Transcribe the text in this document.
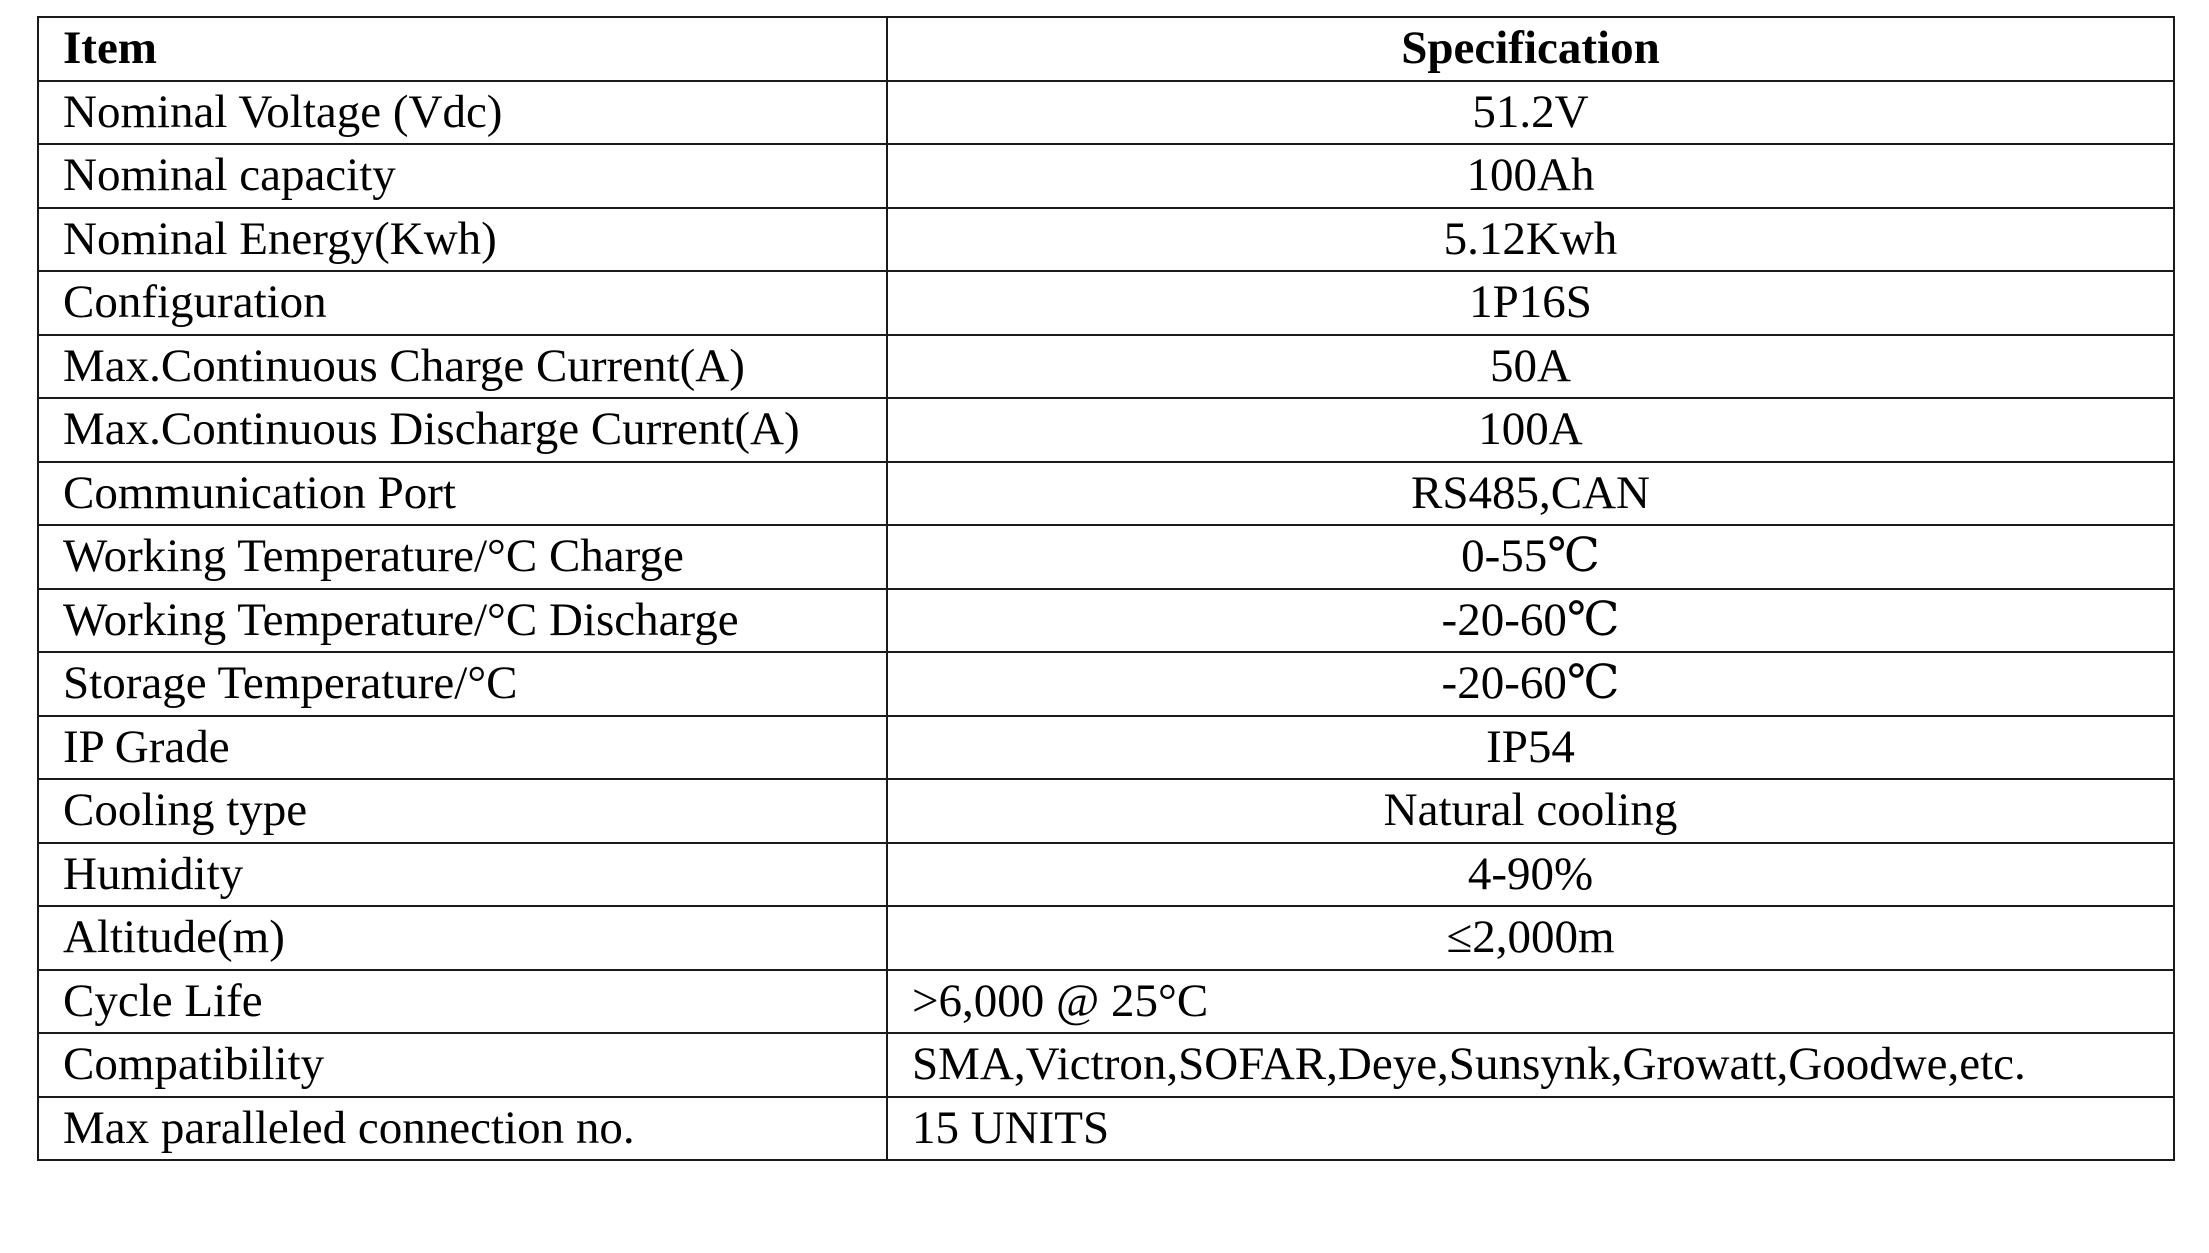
Item	Specification
Nominal Voltage (Vdc)	51.2V
Nominal capacity	100Ah
Nominal Energy(Kwh)	5.12Kwh
Configuration	1P16S
Max.Continuous Charge Current(A)	50A
Max.Continuous Discharge Current(A)	100A
Communication Port	RS485,CAN
Working Temperature/°C Charge	0-55℃
Working Temperature/°C Discharge	-20-60℃
Storage Temperature/°C	-20-60℃
IP Grade	IP54
Cooling type	Natural cooling
Humidity	4-90%
Altitude(m)	≤2,000m
Cycle Life	>6,000 @ 25°C
Compatibility	SMA,Victron,SOFAR,Deye,Sunsynk,Growatt,Goodwe,etc.
Max paralleled connection no.	15 UNITS
